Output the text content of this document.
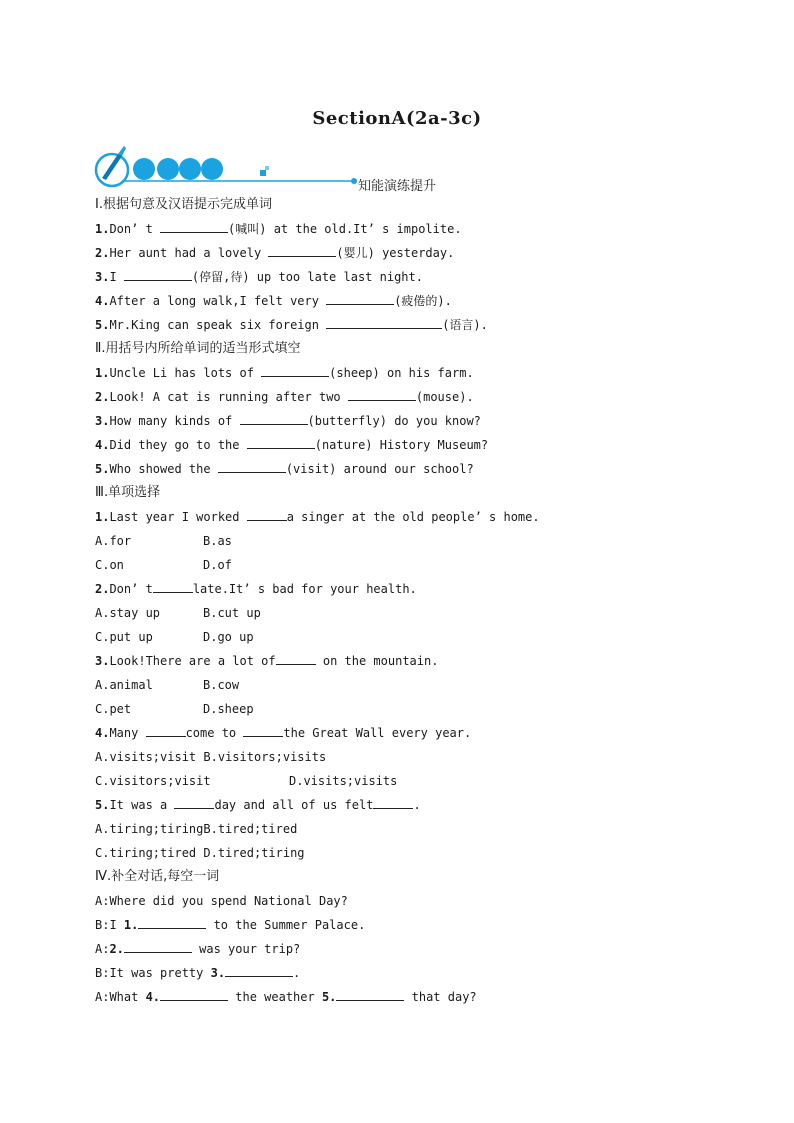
SectionA(2a-3c)
知能演练提升
Ⅰ.根据句意及汉语提示完成单词
1.Don’ t	(喊叫) at the old.It’ s impolite.
2.Her aunt had a lovely	(婴儿) yesterday.
3.I	(停留,待) up too late last night.
4.After a long walk,I felt very	(疲倦的).
5.Mr.King can speak six foreign	(语言).
Ⅱ.用括号内所给单词的适当形式填空
1.Uncle Li has lots of	(sheep) on his farm.
2.Look! A cat is running after two	(mouse).
3.How many kinds of	(butterfly) do you know?
4.Did they go to the	(nature) History Museum?
5.Who showed the	(visit) around our school?
Ⅲ.单项选择
1.Last year I worked	a singer at the old people’ s home.
A.for	B.as
C.on	D.of
2.Don’ t	late.It’ s bad for your health.
A.stay up	B.cut up
C.put up	D.go up
3.Look!There are a lot of	on the mountain.
A.animal	B.cow
C.pet	D.sheep
4.Many	come to	the Great Wall every year.
A.visits;visit B.visitors;visits
C.visitors;visit	D.visits;visits
5.It was a	day and all of us felt	.
A.tiring;tiringB.tired;tired
C.tiring;tired D.tired;tiring
Ⅳ.补全对话,每空一词
A:Where did you spend National Day?
B:I 1.	to the Summer Palace.
A:2.	was your trip?
B:It was pretty 3.	.
A:What 4.	the weather 5.	that day?
